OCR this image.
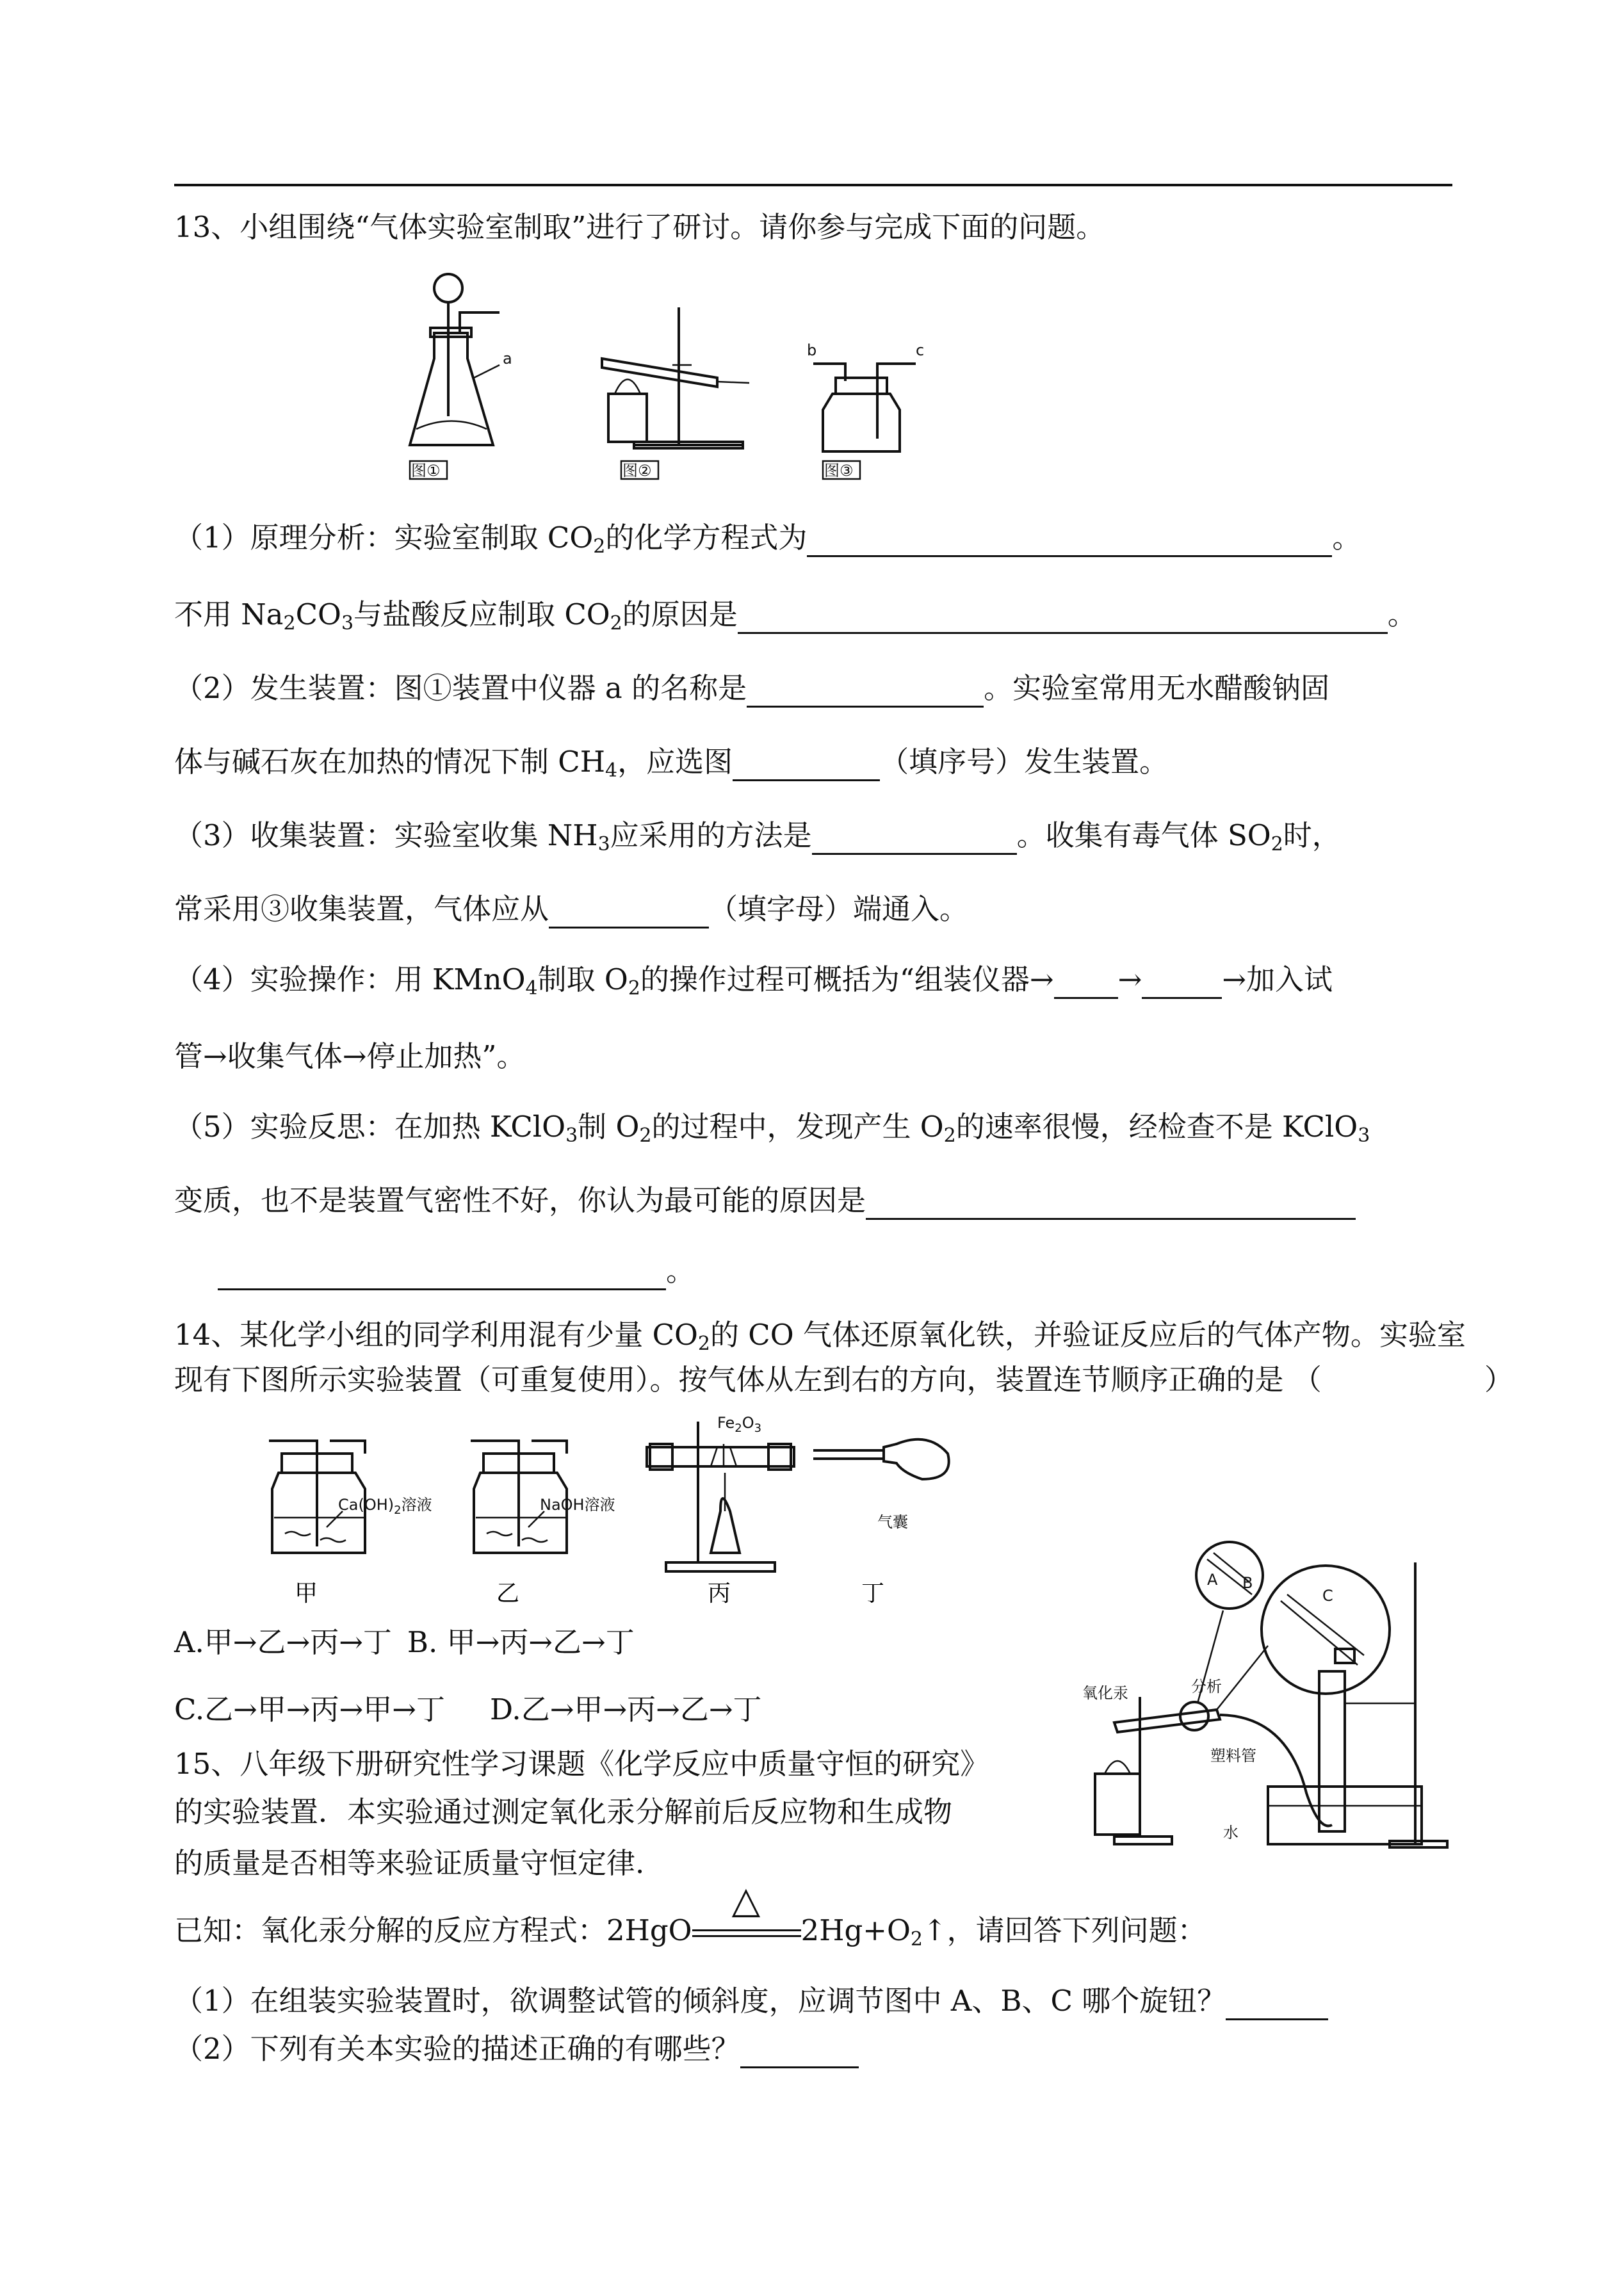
13、小组围绕“气体实验室制取”进行了研讨。请你参与完成下面的问题。
a
图①	图②
b	c
图③
（1）原理分析：实验室制取 $CO_2$的化学方程式为	。
不用 $Na_2CO_3$与盐酸反应制取 $CO_2$的原因是	。
（2）发生装置：图①装置中仪器 a 的名称是	。实验室常用无水醋酸钠固
体与碱石灰在加热的情况下制 $CH_4$，应选图	（填序号）发生装置。
（3）收集装置：实验室收集 $NH_3$应采用的方法是	。收集有毒气体 $SO_2$时，
常采用③收集装置，气体应从	（填字母）端通入。
（4）实验操作：用 KMnO$_4$制取 $O_2$的操作过程可概括为“组装仪器→ →	→加入试
管→收集气体→停止加热”。
（5）实验反思：在加热 KClO$_3$制 $O_2$的过程中，发现产生 $O_2$的速率很慢，经检查不是 KClO$_3$
变质，也不是装置气密性不好，你认为最可能的原因是
。
14、某化学小组的同学利用混有少量 $CO_2$的 CO 气体还原氧化铁，并验证反应后的气体产物。实验室
现有下图所示实验装置（可重复使用）。按气体从左到右的方向，装置连节顺序正确的是 （	）
$Ca(OH)_2$溶液
甲
NaOH溶液
乙
$Fe_2O_3$
丙
气囊
丁
A.甲→乙→丙→丁 B. 甲→丙→乙→丁
C.乙→甲→丙→甲→丁 D.乙→甲→丙→乙→丁
A B
C
氧化汞	分析
塑料管
水
15、八年级下册研究性学习课题《化学反应中质量守恒的研究》
的实验装置．本实验通过测定氧化汞分解前后反应物和生成物
的质量是否相等来验证质量守恒定律.
已知：氧化汞分解的反应方程式：2HgO
△
$2Hg+O_2↑$，请回答下列问题：
（1）在组装实验装置时，欲调整试管的倾斜度，应调节图中 A、B、C 哪个旋钮？
（2）下列有关本实验的描述正确的有哪些？
